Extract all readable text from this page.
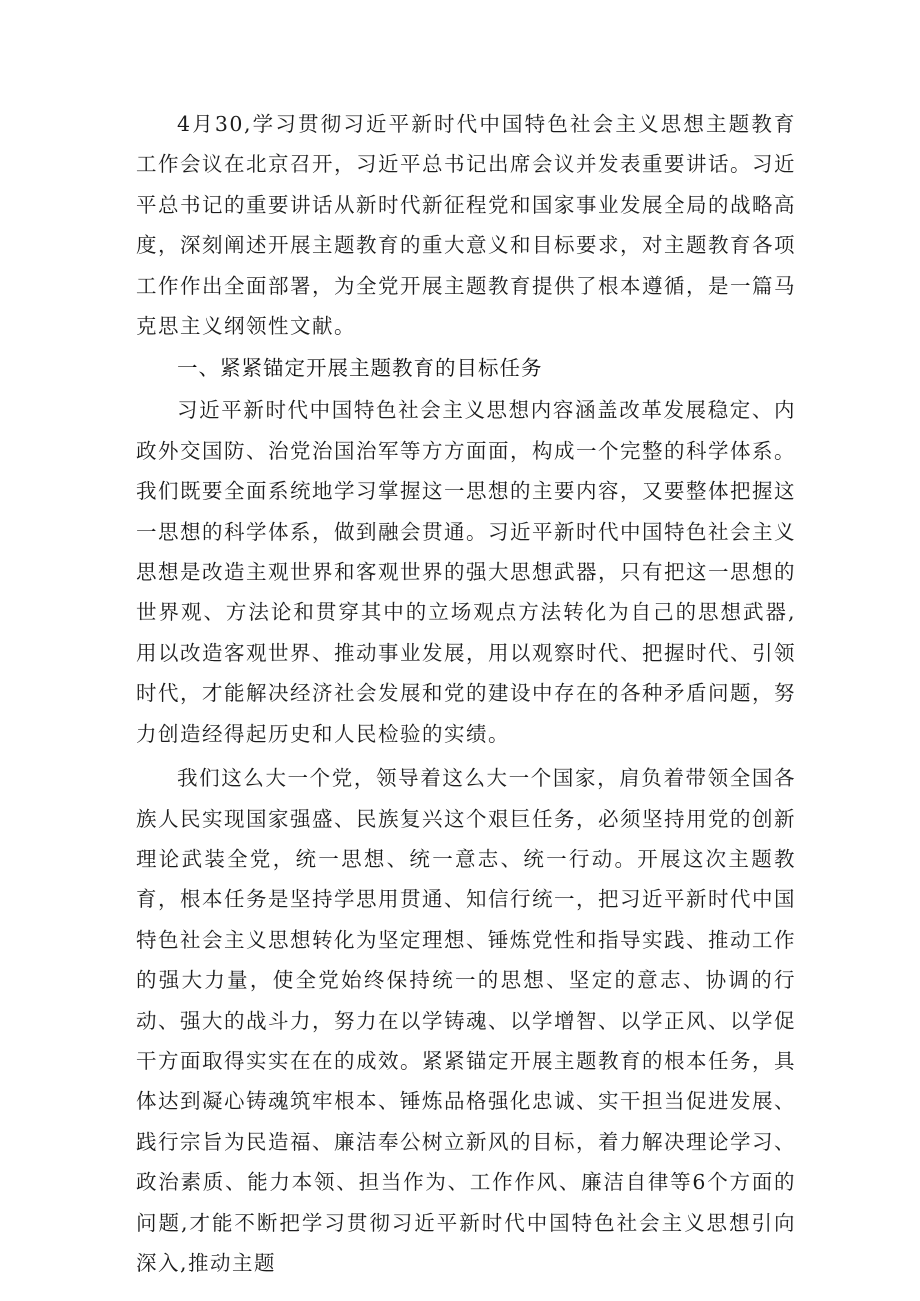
4月30,学习贯彻习近平新时代中国特色社会主义思想主题教育工作会议在北京召开，习近平总书记出席会议并发表重要讲话。习近平总书记的重要讲话从新时代新征程党和国家事业发展全局的战略高度，深刻阐述开展主题教育的重大意义和目标要求，对主题教育各项工作作出全面部署，为全党开展主题教育提供了根本遵循，是一篇马克思主义纲领性文献。

一、紧紧锚定开展主题教育的目标任务

习近平新时代中国特色社会主义思想内容涵盖改革发展稳定、内政外交国防、治党治国治军等方方面面，构成一个完整的科学体系。我们既要全面系统地学习掌握这一思想的主要内容，又要整体把握这一思想的科学体系，做到融会贯通。习近平新时代中国特色社会主义思想是改造主观世界和客观世界的强大思想武器，只有把这一思想的世界观、方法论和贯穿其中的立场观点方法转化为自己的思想武器,用以改造客观世界、推动事业发展，用以观察时代、把握时代、引领时代，才能解决经济社会发展和党的建设中存在的各种矛盾问题，努力创造经得起历史和人民检验的实绩。

我们这么大一个党，领导着这么大一个国家，肩负着带领全国各族人民实现国家强盛、民族复兴这个艰巨任务，必须坚持用党的创新理论武装全党，统一思想、统一意志、统一行动。开展这次主题教育，根本任务是坚持学思用贯通、知信行统一，把习近平新时代中国特色社会主义思想转化为坚定理想、锤炼党性和指导实践、推动工作的强大力量，使全党始终保持统一的思想、坚定的意志、协调的行动、强大的战斗力，努力在以学铸魂、以学增智、以学正风、以学促干方面取得实实在在的成效。紧紧锚定开展主题教育的根本任务，具体达到凝心铸魂筑牢根本、锤炼品格强化忠诚、实干担当促进发展、践行宗旨为民造福、廉洁奉公树立新风的目标，着力解决理论学习、政治素质、能力本领、担当作为、工作作风、廉洁自律等6个方面的问题,才能不断把学习贯彻习近平新时代中国特色社会主义思想引向深入,推动主题
